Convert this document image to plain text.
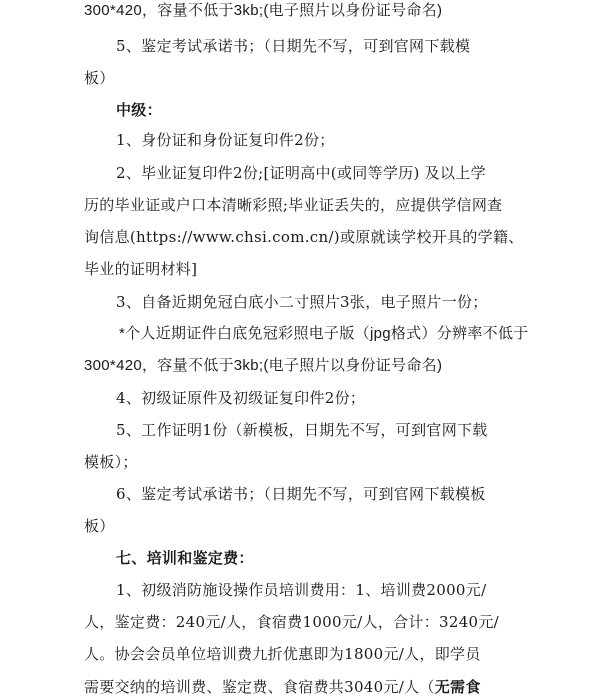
300*420，容量不低于3kb;(电子照片以身份证号命名)
5、鉴定考试承诺书；（日期先不写，可到官网下载模
板）
中级：
1、身份证和身份证复印件2份；
2、毕业证复印件2份;[证明高中(或同等学历) 及以上学
历的毕业证或户口本清晰彩照;毕业证丢失的，应提供学信网查
询信息(https://www.chsi.com.cn/)或原就读学校开具的学籍、
毕业的证明材料]
3、自备近期免冠白底小二寸照片3张，电子照片一份；
*个人近期证件白底免冠彩照电子版（jpg格式）分辨率不低于
300*420，容量不低于3kb;(电子照片以身份证号命名)
4、初级证原件及初级证复印件2份；
5、工作证明1份（新模板，日期先不写，可到官网下载
模板）；
6、鉴定考试承诺书；（日期先不写，可到官网下载模板
板）
七、培训和鉴定费：
1、初级消防施设操作员培训费用：1、培训费2000元/
人，鉴定费：240元/人，食宿费1000元/人，合计：3240元/
人。协会会员单位培训费九折优惠即为1800元/人，即学员
需要交纳的培训费、鉴定费、食宿费共3040元/人（无需食
